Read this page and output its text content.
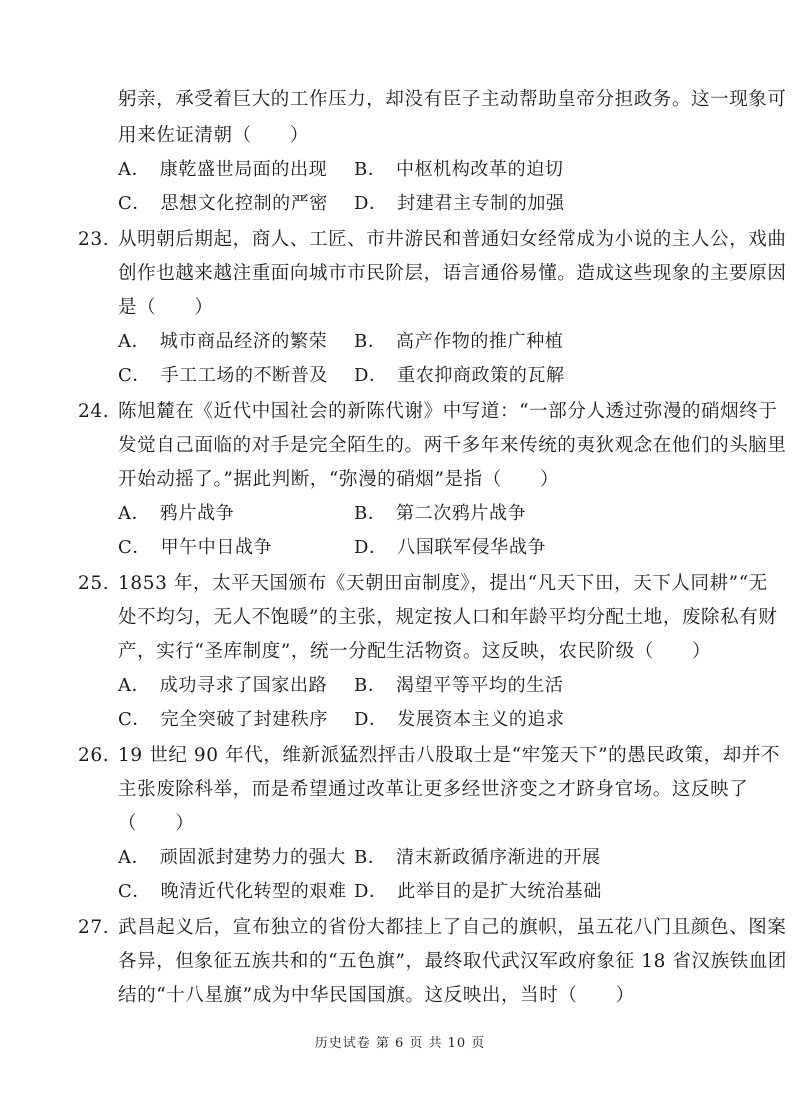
躬亲，承受着巨大的工作压力，却没有臣子主动帮助皇帝分担政务。这一现象可
用来佐证清朝（　　）
A．　康乾盛世局面的出现 B．　中枢机构改革的迫切
C．　思想文化控制的严密 D．　封建君主专制的加强
23. 从明朝后期起，商人、工匠、市井游民和普通妇女经常成为小说的主人公，戏曲
创作也越来越注重面向城市市民阶层，语言通俗易懂。造成这些现象的主要原因
是（　　）
A．　城市商品经济的繁荣 B．　高产作物的推广种植
C．　手工工场的不断普及 D．　重农抑商政策的瓦解
24. 陈旭麓在《近代中国社会的新陈代谢》中写道：“一部分人透过弥漫的硝烟终于
发觉自己面临的对手是完全陌生的。两千多年来传统的夷狄观念在他们的头脑里
开始动摇了。”据此判断，“弥漫的硝烟”是指（　　）
A．　鸦片战争	B．　第二次鸦片战争
C．　甲午中日战争	D．　八国联军侵华战争
25. 1853 年，太平天国颁布《天朝田亩制度》，提出“凡天下田，天下人同耕”“无
处不均匀，无人不饱暖”的主张，规定按人口和年龄平均分配土地，废除私有财
产，实行“圣库制度”，统一分配生活物资。这反映，农民阶级（　　）
A．　成功寻求了国家出路 B．　渴望平等平均的生活
C．　完全突破了封建秩序 D．　发展资本主义的追求
26. 19 世纪 90 年代，维新派猛烈抨击八股取士是“牢笼天下”的愚民政策，却并不
主张废除科举，而是希望通过改革让更多经世济变之才跻身官场。这反映了
（　　）
A．　顽固派封建势力的强大 B．　清末新政循序渐进的开展
C．　晚清近代化转型的艰难 D．　此举目的是扩大统治基础
27. 武昌起义后，宣布独立的省份大都挂上了自己的旗帜，虽五花八门且颜色、图案
各异，但象征五族共和的“五色旗”，最终取代武汉军政府象征 18 省汉族铁血团
结的“十八星旗”成为中华民国国旗。这反映出，当时（　　）
历史试卷 第 6 页 共 10 页
